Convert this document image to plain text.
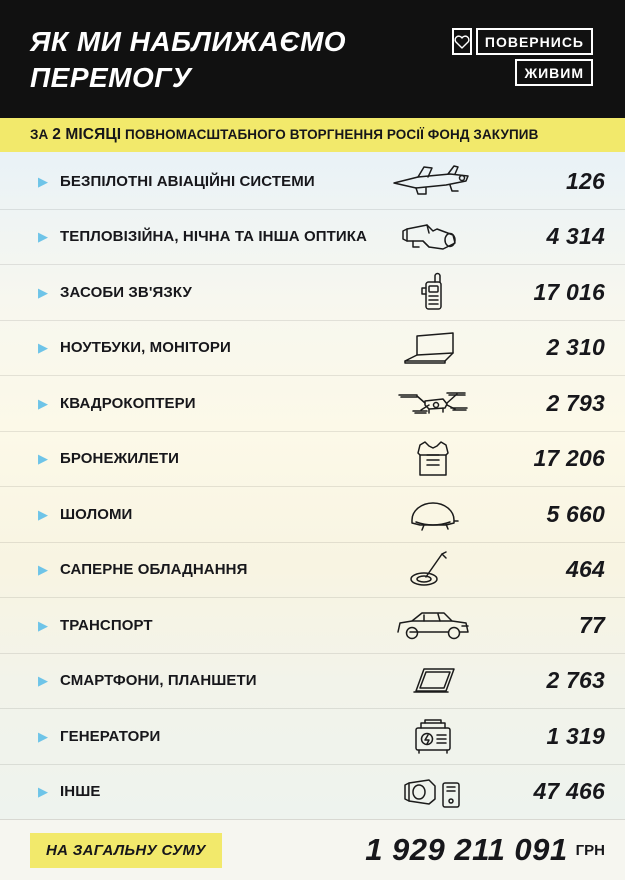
ЯК МИ НАБЛИЖАЄМО ПЕРЕМОГУ
ПОВЕРНИСЬ
ЖИВИМ
ЗА 2 МІСЯЦІ ПОВНОМАСШТАБНОГО ВТОРГНЕННЯ РОСІЇ ФОНД ЗАКУПИВ
▶ БЕЗПІЛОТНІ АВІАЦІЙНІ СИСТЕМИ	126
▶ ТЕПЛОВІЗІЙНА, НІЧНА ТА ІНША ОПТИКА	4 314
▶ ЗАСОБИ ЗВ'ЯЗКУ	17 016
▶ НОУТБУКИ, МОНІТОРИ	2 310
▶ КВАДРОКОПТЕРИ	2 793
▶ БРОНЕЖИЛЕТИ	17 206
▶ ШОЛОМИ	5 660
▶ САПЕРНЕ ОБЛАДНАННЯ	464
▶ ТРАНСПОРТ	77
▶ СМАРТФОНИ, ПЛАНШЕТИ	2 763
▶ ГЕНЕРАТОРИ	1 319
▶ ІНШЕ	47 466
НА ЗАГАЛЬНУ СУМУ	1 929 211 091 ГРН
